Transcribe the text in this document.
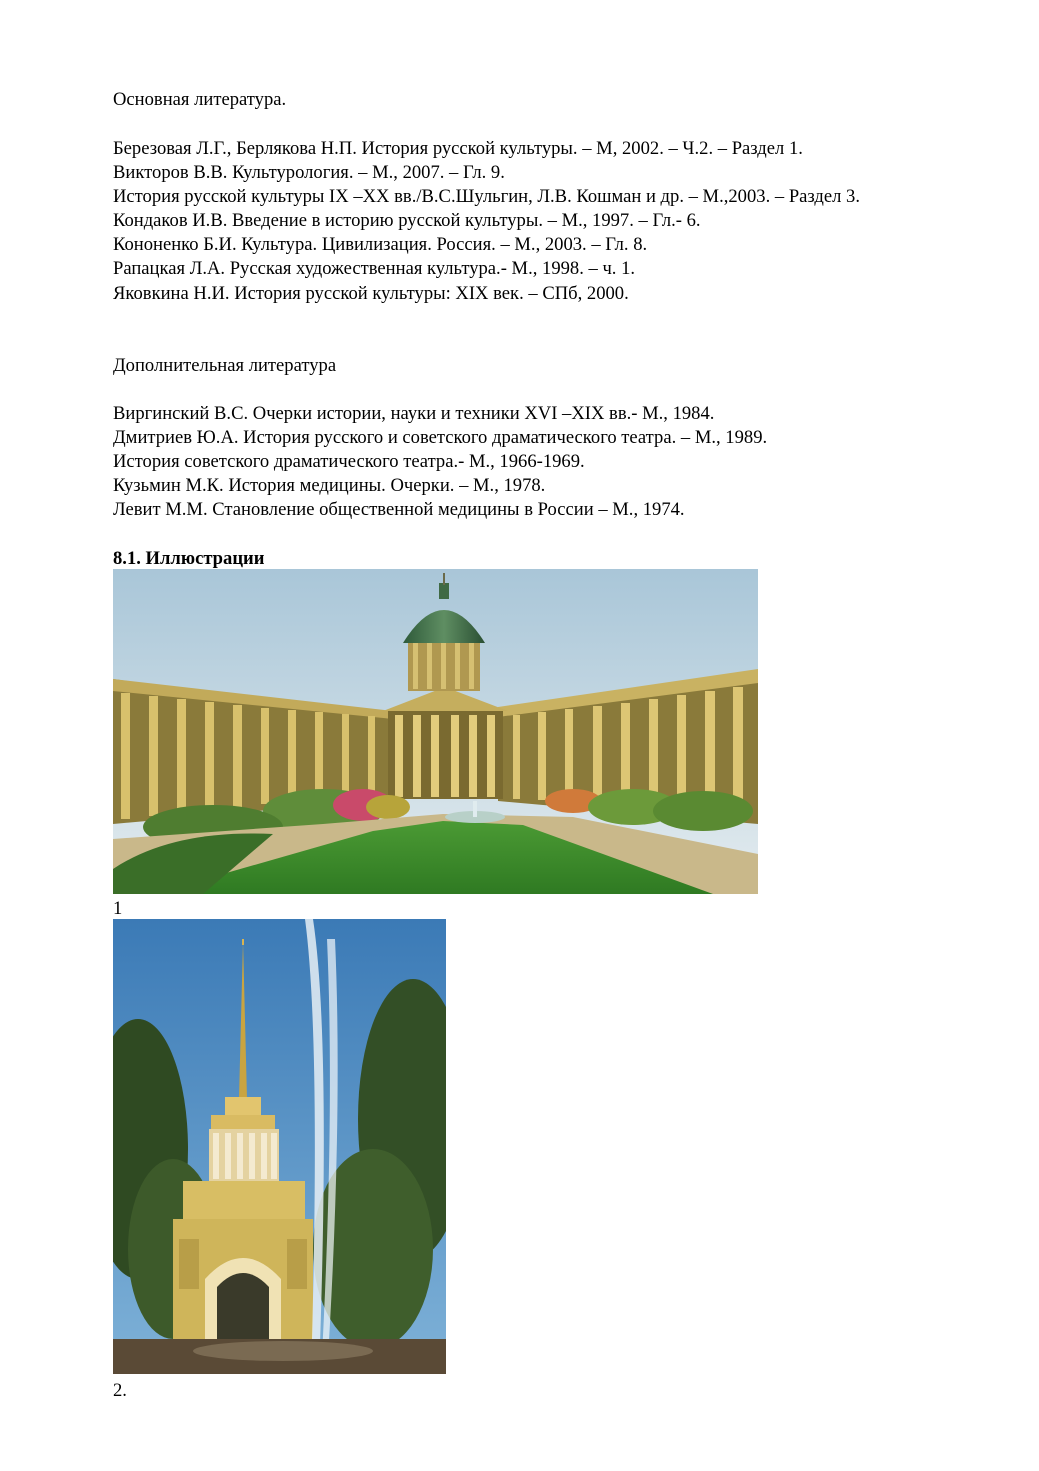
Основная литература.
Березовая Л.Г., Берлякова Н.П. История русской культуры. – М, 2002. – Ч.2. – Раздел 1.
Викторов В.В. Культурология. – М., 2007. – Гл. 9.
История русской культуры IX –XX вв./В.С.Шульгин, Л.В. Кошман и др. – М.,2003. – Раздел 3.
Кондаков И.В. Введение в историю русской культуры. – М., 1997. – Гл.- 6.
Кононенко Б.И. Культура. Цивилизация. Россия. – М., 2003. – Гл. 8.
Рапацкая Л.А. Русская художественная культура.- М., 1998. – ч. 1.
Яковкина Н.И. История русской культуры: XIX век. – СПб, 2000.
Дополнительная литература
Виргинский В.С. Очерки истории, науки и техники XVI –XIX вв.- М., 1984.
Дмитриев Ю.А. История русского и советского драматического театра. – М., 1989.
История советского драматического театра.- М., 1966-1969.
Кузьмин М.К. История медицины. Очерки. – М., 1978.
Левит М.М. Становление общественной медицины в России – М., 1974.
8.1. Иллюстрации
1
2.
